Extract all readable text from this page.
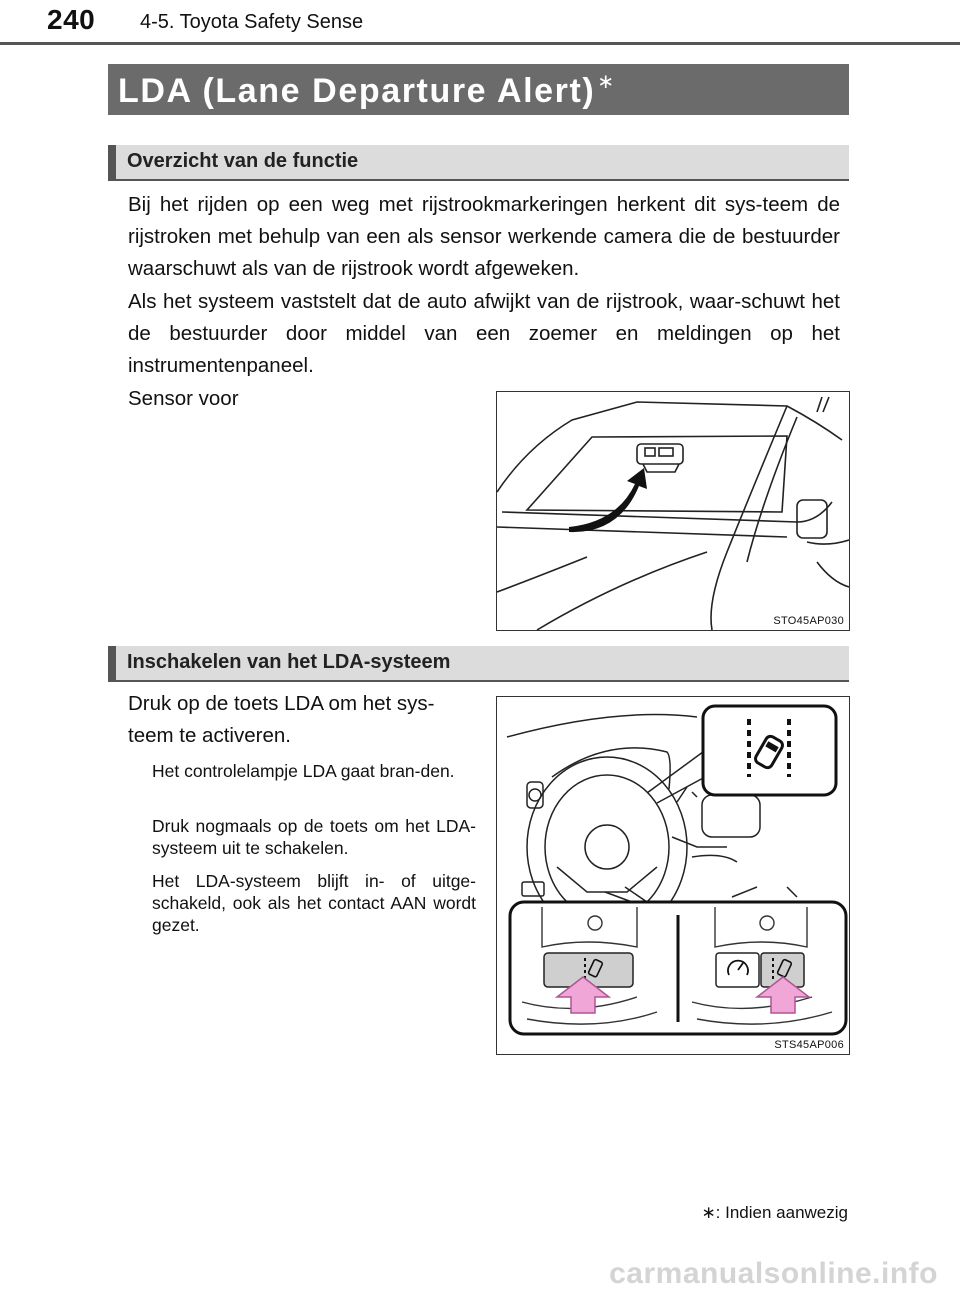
240 4-5. Toyota Safety Sense
LDA (Lane Departure Alert) ∗
Overzicht van de functie
Bij het rijden op een weg met rijstrookmarkeringen herkent dit sys-teem de rijstroken met behulp van een als sensor werkende camera die de bestuurder waarschuwt als van de rijstrook wordt afgeweken.
Als het systeem vaststelt dat de auto afwijkt van de rijstrook, waar-schuwt het de bestuurder door middel van een zoemer en meldingen op het instrumentenpaneel.
Sensor voor
STO45AP030
Inschakelen van het LDA-systeem
Druk op de toets LDA om het sys-teem te activeren.
Het controlelampje LDA gaat bran-den.
Druk nogmaals op de toets om het LDA-systeem uit te schakelen.
Het LDA-systeem blijft in- of uitge-schakeld, ook als het contact AAN wordt gezet.
STS45AP006
∗: Indien aanwezig
carmanualsonline.info
